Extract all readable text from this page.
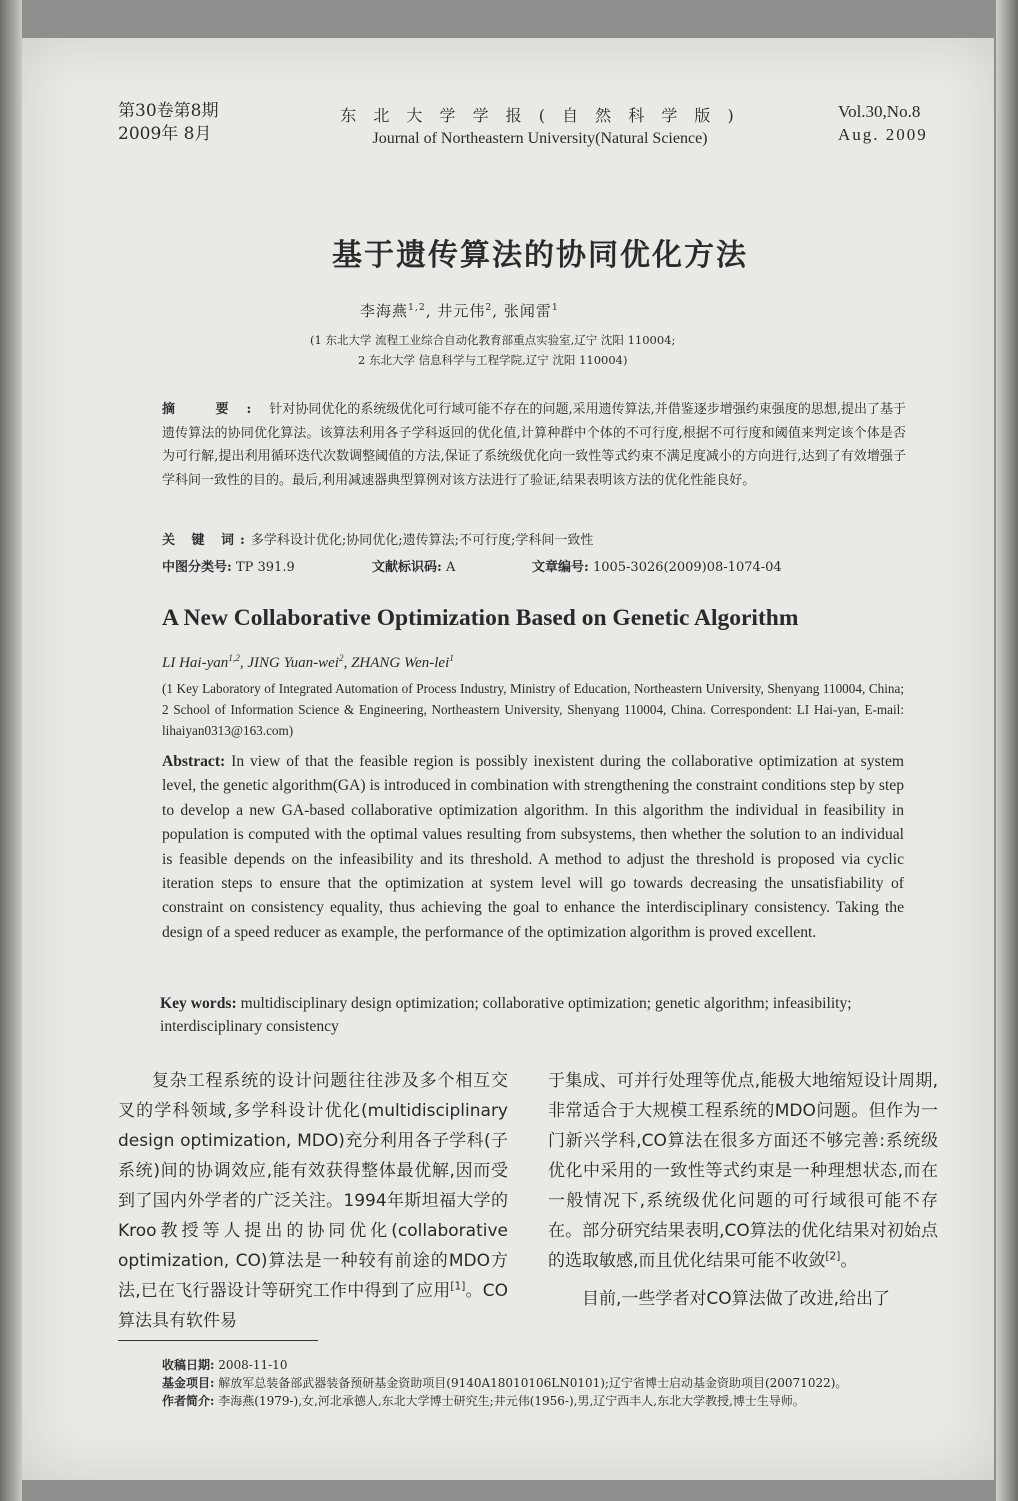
第30卷第8期
2009年 8月
东 北 大 学 学 报 ( 自 然 科 学 版 )
Journal of Northeastern University(Natural Science)
Vol.30,No.8
Aug. 2009
基于遗传算法的协同优化方法
李海燕$^{1,2}$, 井元伟$^2$, 张闻雷$^1$
(1 东北大学 流程工业综合自动化教育部重点实验室,辽宁 沈阳 110004;
2 东北大学 信息科学与工程学院,辽宁 沈阳 110004)
摘 要:针对协同优化的系统级优化可行域可能不存在的问题,采用遗传算法,并借鉴逐步增强约束强度的思想,提出了基于遗传算法的协同优化算法。该算法利用各子学科返回的优化值,计算种群中个体的不可行度,根据不可行度和阈值来判定该个体是否为可行解,提出利用循环迭代次数调整阈值的方法,保证了系统级优化向一致性等式约束不满足度减小的方向进行,达到了有效增强子学科间一致性的目的。最后,利用减速器典型算例对该方法进行了验证,结果表明该方法的优化性能良好。
关 键 词:多学科设计优化;协同优化;遗传算法;不可行度;学科间一致性
中图分类号: TP 391.9	文献标识码: A	文章编号: 1005-3026(2009)08-1074-04
A New Collaborative Optimization Based on Genetic Algorithm
LI Hai-yan$^{1,2}$, JING Yuan-wei$^2$, ZHANG Wen-lei$^1$
(1 Key Laboratory of Integrated Automation of Process Industry, Ministry of Education, Northeastern University, Shenyang 110004, China; 2 School of Information Science & Engineering, Northeastern University, Shenyang 110004, China. Correspondent: LI Hai-yan, E-mail: lihaiyan0313@163.com)
Abstract: In view of that the feasible region is possibly inexistent during the collaborative optimization at system level, the genetic algorithm(GA) is introduced in combination with strengthening the constraint conditions step by step to develop a new GA-based collaborative optimization algorithm. In this algorithm the individual in feasibility in population is computed with the optimal values resulting from subsystems, then whether the solution to an individual is feasible depends on the infeasibility and its threshold. A method to adjust the threshold is proposed via cyclic iteration steps to ensure that the optimization at system level will go towards decreasing the unsatisfiability of constraint on consistency equality, thus achieving the goal to enhance the interdisciplinary consistency. Taking the design of a speed reducer as example, the performance of the optimization algorithm is proved excellent.
Key words: multidisciplinary design optimization; collaborative optimization; genetic algorithm; infeasibility; interdisciplinary consistency

复杂工程系统的设计问题往往涉及多个相互交叉的学科领域,多学科设计优化(multidisciplinary design optimization, MDO)充分利用各子学科(子系统)间的协调效应,能有效获得整体最优解,因而受到了国内外学者的广泛关注。1994年斯坦福大学的Kroo教授等人提出的协同优化(collaborative optimization, CO)算法是一种较有前途的MDO方法,已在飞行器设计等研究工作中得到了应用[1]。CO算法具有软件易

于集成、可并行处理等优点,能极大地缩短设计周期,非常适合于大规模工程系统的MDO问题。但作为一门新兴学科,CO算法在很多方面还不够完善:系统级优化中采用的一致性等式约束是一种理想状态,而在一般情况下,系统级优化问题的可行域很可能不存在。部分研究结果表明,CO算法的优化结果对初始点的选取敏感,而且优化结果可能不收敛[2]。

目前,一些学者对CO算法做了改进,给出了

收稿日期: 2008-11-10
基金项目: 解放军总装备部武器装备预研基金资助项目(9140A18010106LN0101);辽宁省博士启动基金资助项目(20071022)。
作者简介: 李海燕(1979-),女,河北承德人,东北大学博士研究生;井元伟(1956-),男,辽宁西丰人,东北大学教授,博士生导师。
